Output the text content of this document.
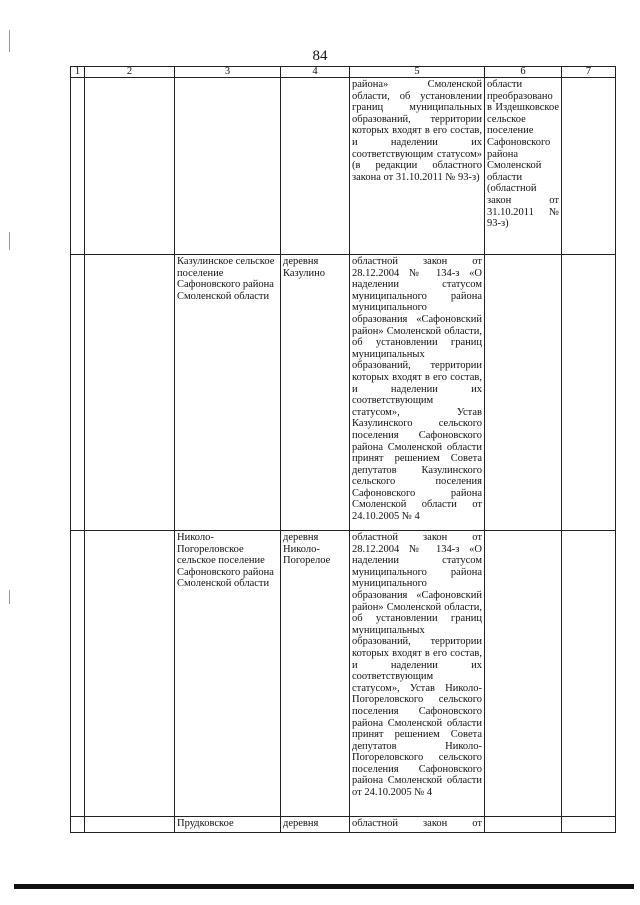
84
1	2	3	4	5	6	7
				района» Смоленской области, об установлении границ муниципальных образований, территории которых входят в его состав, и наделении их соответствующим статусом» (в редакции областного закона от 31.10.2011 № 93-з)	области преобразовано в Издешковское сельское поселение Сафоновского района Смоленской области (областной закон от 31.10.2011 № 93-з)	
		Казулинское сельское поселение Сафоновского района Смоленской области	деревня Казулино	областной закон от 28.12.2004 № 134-з «О наделении статусом муниципального района муниципального образования «Сафоновский район» Смоленской области, об установлении границ муниципальных образований, территории которых входят в его состав, и наделении их соответствующим статусом», Устав Казулинского сельского поселения Сафоновского района Смоленской области принят решением Совета депутатов Казулинского сельского поселения Сафоновского района Смоленской области от 24.10.2005 № 4		
		Николо-Погореловское сельское поселение Сафоновского района Смоленской области	деревня Николо-Погорелое	областной закон от 28.12.2004 № 134-з «О наделении статусом муниципального района муниципального образования «Сафоновский район» Смоленской области, об установлении границ муниципальных образований, территории которых входят в его состав, и наделении их соответствующим статусом», Устав Николо-Погореловского сельского поселения Сафоновского района Смоленской области принят решением Совета депутатов Николо-Погореловского сельского поселения Сафоновского района Смоленской области от 24.10.2005 № 4		
		Прудковское	деревня	областной закон от		
